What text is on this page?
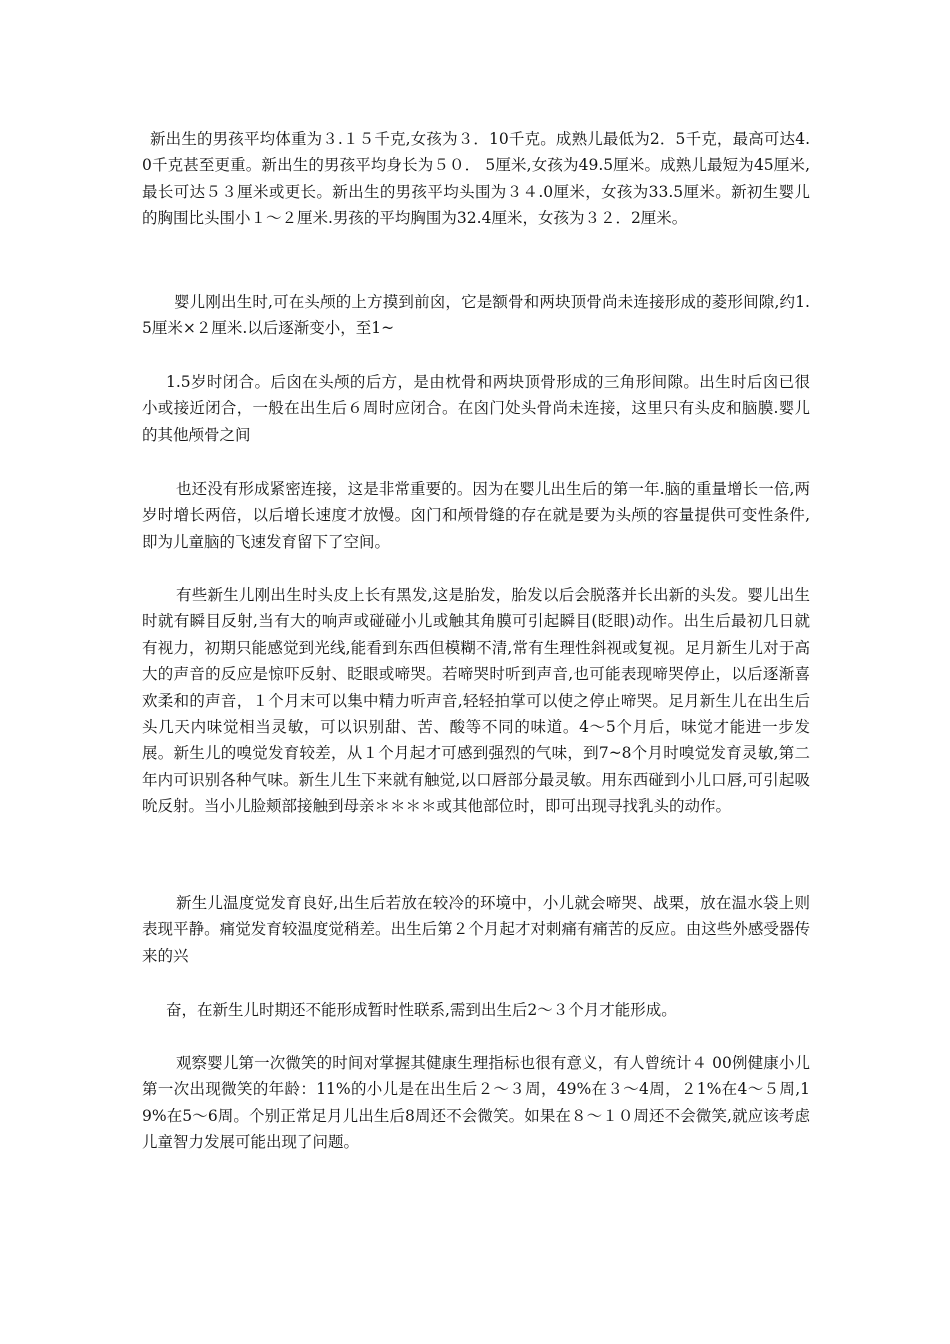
新出生的男孩平均体重为３.１５千克,女孩为３．10千克。成熟儿最低为2．5千克，最高可达4.0千克甚至更重。新出生的男孩平均身长为５０． 5厘米,女孩为49.5厘米。成熟儿最短为45厘米,最长可达５３厘米或更长。新出生的男孩平均头围为３４.0厘米，女孩为33.5厘米。新初生婴儿的胸围比头围小１～２厘米.男孩的平均胸围为32.4厘米，女孩为３２．2厘米。

婴儿刚出生时,可在头颅的上方摸到前囟，它是额骨和两块顶骨尚未连接形成的菱形间隙,约1.5厘米×２厘米.以后逐渐变小，至1~

1.5岁时闭合。后囟在头颅的后方，是由枕骨和两块顶骨形成的三角形间隙。出生时后囟已很小或接近闭合，一般在出生后６周时应闭合。在囟门处头骨尚未连接，这里只有头皮和脑膜.婴儿的其他颅骨之间

也还没有形成紧密连接，这是非常重要的。因为在婴儿出生后的第一年.脑的重量增长一倍,两岁时增长两倍，以后增长速度才放慢。囟门和颅骨缝的存在就是要为头颅的容量提供可变性条件,即为儿童脑的飞速发育留下了空间。

有些新生儿刚出生时头皮上长有黑发,这是胎发，胎发以后会脱落并长出新的头发。婴儿出生时就有瞬目反射,当有大的响声或碰碰小儿或触其角膜可引起瞬目(眨眼)动作。出生后最初几日就有视力，初期只能感觉到光线,能看到东西但模糊不清,常有生理性斜视或复视。足月新生儿对于高大的声音的反应是惊吓反射、眨眼或啼哭。若啼哭时听到声音,也可能表现啼哭停止，以后逐渐喜欢柔和的声音，１个月末可以集中精力听声音,轻轻拍掌可以使之停止啼哭。足月新生儿在出生后头几天内味觉相当灵敏，可以识别甜、苦、酸等不同的味道。4～5个月后，味觉才能进一步发展。新生儿的嗅觉发育较差，从１个月起才可感到强烈的气味，到7~8个月时嗅觉发育灵敏,第二年内可识别各种气味。新生儿生下来就有触觉,以口唇部分最灵敏。用东西碰到小儿口唇,可引起吸吮反射。当小儿脸颊部接触到母亲＊＊＊＊或其他部位时，即可出现寻找乳头的动作。

新生儿温度觉发育良好,出生后若放在较冷的环境中，小儿就会啼哭、战栗，放在温水袋上则表现平静。痛觉发育较温度觉稍差。出生后第２个月起才对刺痛有痛苦的反应。由这些外感受器传来的兴

奋，在新生儿时期还不能形成暂时性联系,需到出生后2～３个月才能形成。

观察婴儿第一次微笑的时间对掌握其健康生理指标也很有意义，有人曾统计４ 00例健康小儿第一次出现微笑的年龄：11%的小儿是在出生后２～３周，49%在３～4周，２1%在4～５周,19%在5～6周。个别正常足月儿出生后8周还不会微笑。如果在８～１０周还不会微笑,就应该考虑儿童智力发展可能出现了问题。
